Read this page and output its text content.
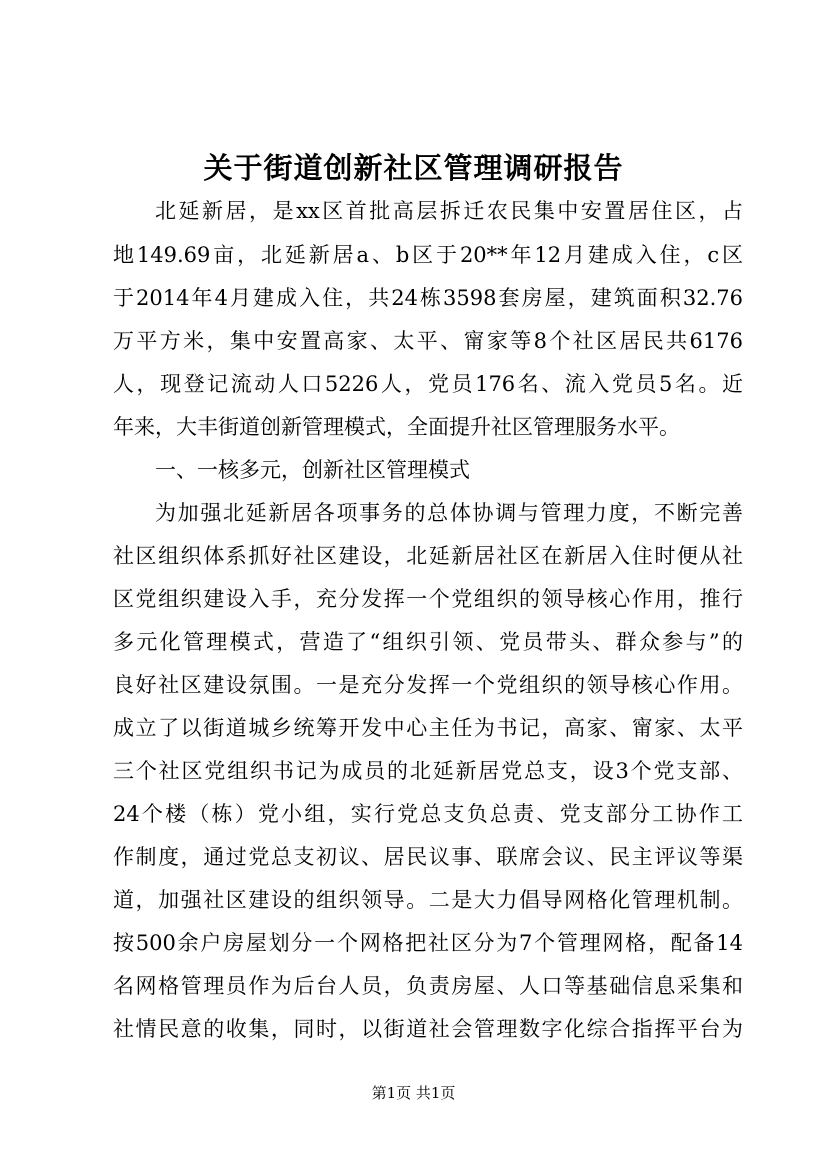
关于街道创新社区管理调研报告
北延新居，是xx区首批高层拆迁农民集中安置居住区，占
地149.69亩，北延新居a、b区于20**年12月建成入住，c区
于2014年4月建成入住，共24栋3598套房屋，建筑面积32.76
万平方米，集中安置高家、太平、甯家等8个社区居民共6176
人，现登记流动人口5226人，党员176名、流入党员5名。近
年来，大丰街道创新管理模式，全面提升社区管理服务水平。
一、一核多元，创新社区管理模式
为加强北延新居各项事务的总体协调与管理力度，不断完善
社区组织体系抓好社区建设，北延新居社区在新居入住时便从社
区党组织建设入手，充分发挥一个党组织的领导核心作用，推行
多元化管理模式，营造了“组织引领、党员带头、群众参与”的
良好社区建设氛围。一是充分发挥一个党组织的领导核心作用。
成立了以街道城乡统筹开发中心主任为书记，高家、甯家、太平
三个社区党组织书记为成员的北延新居党总支，设3个党支部、
24个楼（栋）党小组，实行党总支负总责、党支部分工协作工
作制度，通过党总支初议、居民议事、联席会议、民主评议等渠
道，加强社区建设的组织领导。二是大力倡导网格化管理机制。
按500余户房屋划分一个网格把社区分为7个管理网格，配备14
名网格管理员作为后台人员，负责房屋、人口等基础信息采集和
社情民意的收集，同时，以街道社会管理数字化综合指挥平台为
第1页 共1页
